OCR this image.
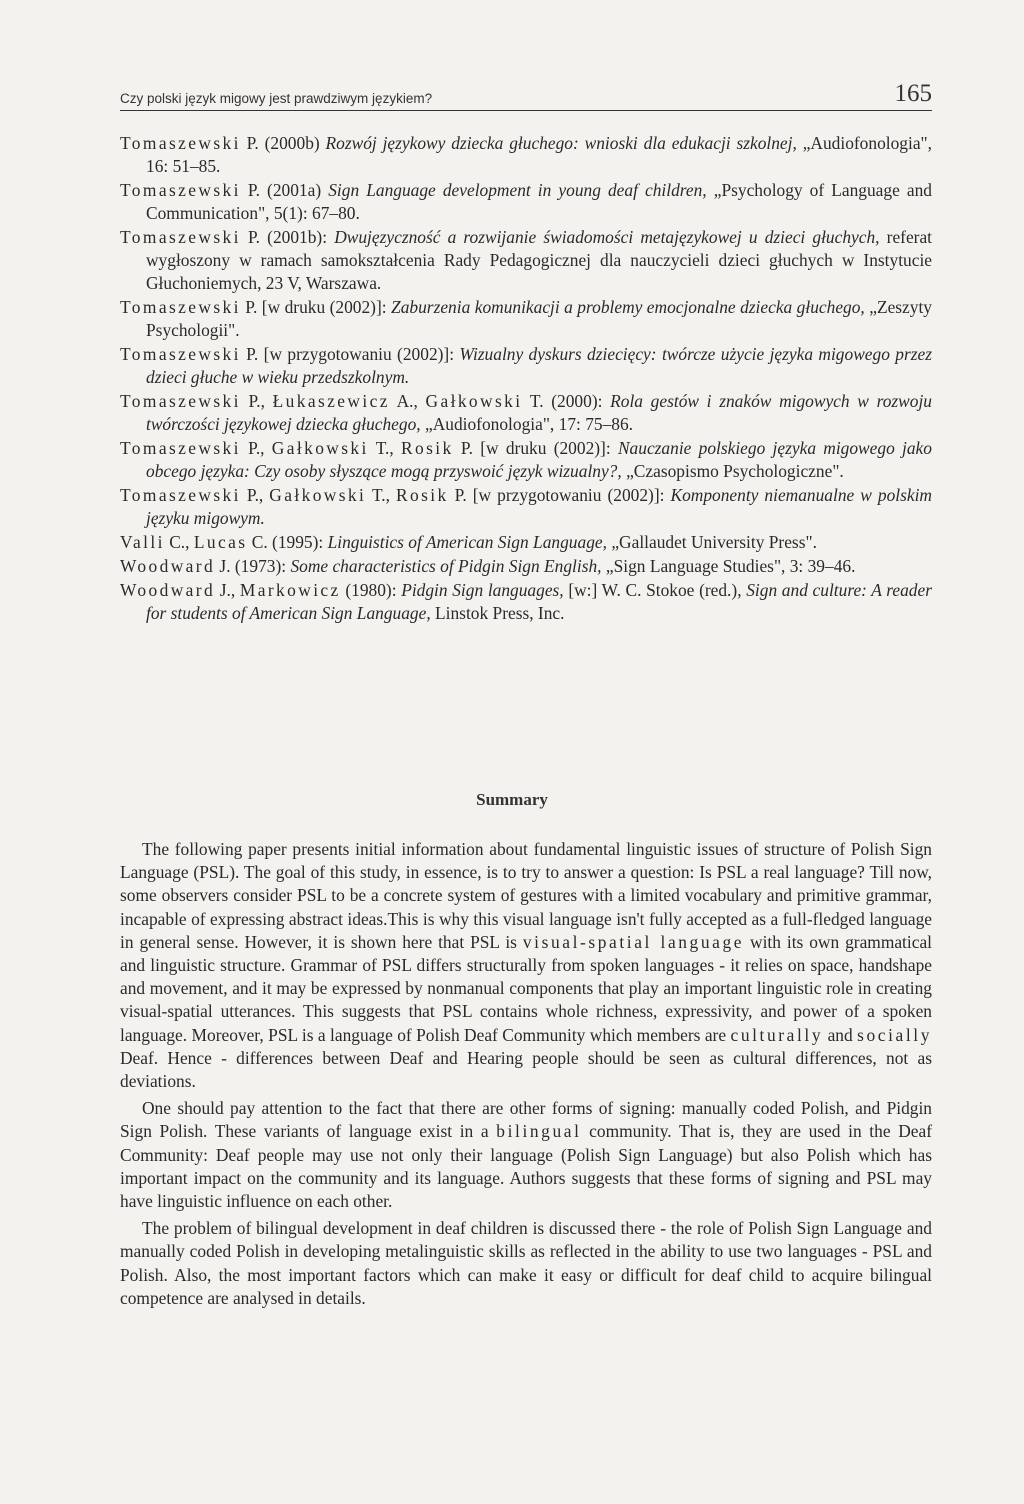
Czy polski język migowy jest prawdziwym językiem?	165

Tomaszewski P. (2000b) Rozwój językowy dziecka głuchego: wnioski dla edukacji szkolnej, „Audiofonologia", 16: 51–85.

Tomaszewski P. (2001a) Sign Language development in young deaf children, „Psychology of Language and Communication", 5(1): 67–80.

Tomaszewski P. (2001b): Dwujęzyczność a rozwijanie świadomości metajęzykowej u dzieci głuchych, referat wygłoszony w ramach samokształcenia Rady Pedagogicznej dla nauczycieli dzieci głuchych w Instytucie Głuchoniemych, 23 V, Warszawa.

Tomaszewski P. [w druku (2002)]: Zaburzenia komunikacji a problemy emocjonalne dziecka głuchego, „Zeszyty Psychologii".

Tomaszewski P. [w przygotowaniu (2002)]: Wizualny dyskurs dziecięcy: twórcze użycie języka migowego przez dzieci głuche w wieku przedszkolnym.

Tomaszewski P., Łukaszewicz A., Gałkowski T. (2000): Rola gestów i znaków migowych w rozwoju twórczości językowej dziecka głuchego, „Audiofonologia", 17: 75–86.

Tomaszewski P., Gałkowski T., Rosik P. [w druku (2002)]: Nauczanie polskiego języka migowego jako obcego języka: Czy osoby słyszące mogą przyswoić język wizualny?, „Czasopismo Psychologiczne".

Tomaszewski P., Gałkowski T., Rosik P. [w przygotowaniu (2002)]: Komponenty niemanualne w polskim języku migowym.

Valli C., Lucas C. (1995): Linguistics of American Sign Language, „Gallaudet University Press".

Woodward J. (1973): Some characteristics of Pidgin Sign English, „Sign Language Studies", 3: 39–46.

Woodward J., Markowicz (1980): Pidgin Sign languages, [w:] W. C. Stokoe (red.), Sign and culture: A reader for students of American Sign Language, Linstok Press, Inc.

Summary

The following paper presents initial information about fundamental linguistic issues of structure of Polish Sign Language (PSL). The goal of this study, in essence, is to try to answer a question: Is PSL a real language? Till now, some observers consider PSL to be a concrete system of gestures with a limited vocabulary and primitive grammar, incapable of expressing abstract ideas.This is why this visual language isn't fully accepted as a full-fledged language in general sense. However, it is shown here that PSL is visual-spatial language with its own grammatical and linguistic structure. Grammar of PSL differs structurally from spoken languages - it relies on space, handshape and movement, and it may be expressed by nonmanual components that play an important linguistic role in creating visual-spatial utterances. This suggests that PSL contains whole richness, expressivity, and power of a spoken language. Moreover, PSL is a language of Polish Deaf Community which members are culturally and socially Deaf. Hence - differences between Deaf and Hearing people should be seen as cultural differences, not as deviations.

One should pay attention to the fact that there are other forms of signing: manually coded Polish, and Pidgin Sign Polish. These variants of language exist in a bilingual community. That is, they are used in the Deaf Community: Deaf people may use not only their language (Polish Sign Language) but also Polish which has important impact on the community and its language. Authors suggests that these forms of signing and PSL may have linguistic influence on each other.

The problem of bilingual development in deaf children is discussed there - the role of Polish Sign Language and manually coded Polish in developing metalinguistic skills as reflected in the ability to use two languages - PSL and Polish. Also, the most important factors which can make it easy or difficult for deaf child to acquire bilingual competence are analysed in details.
